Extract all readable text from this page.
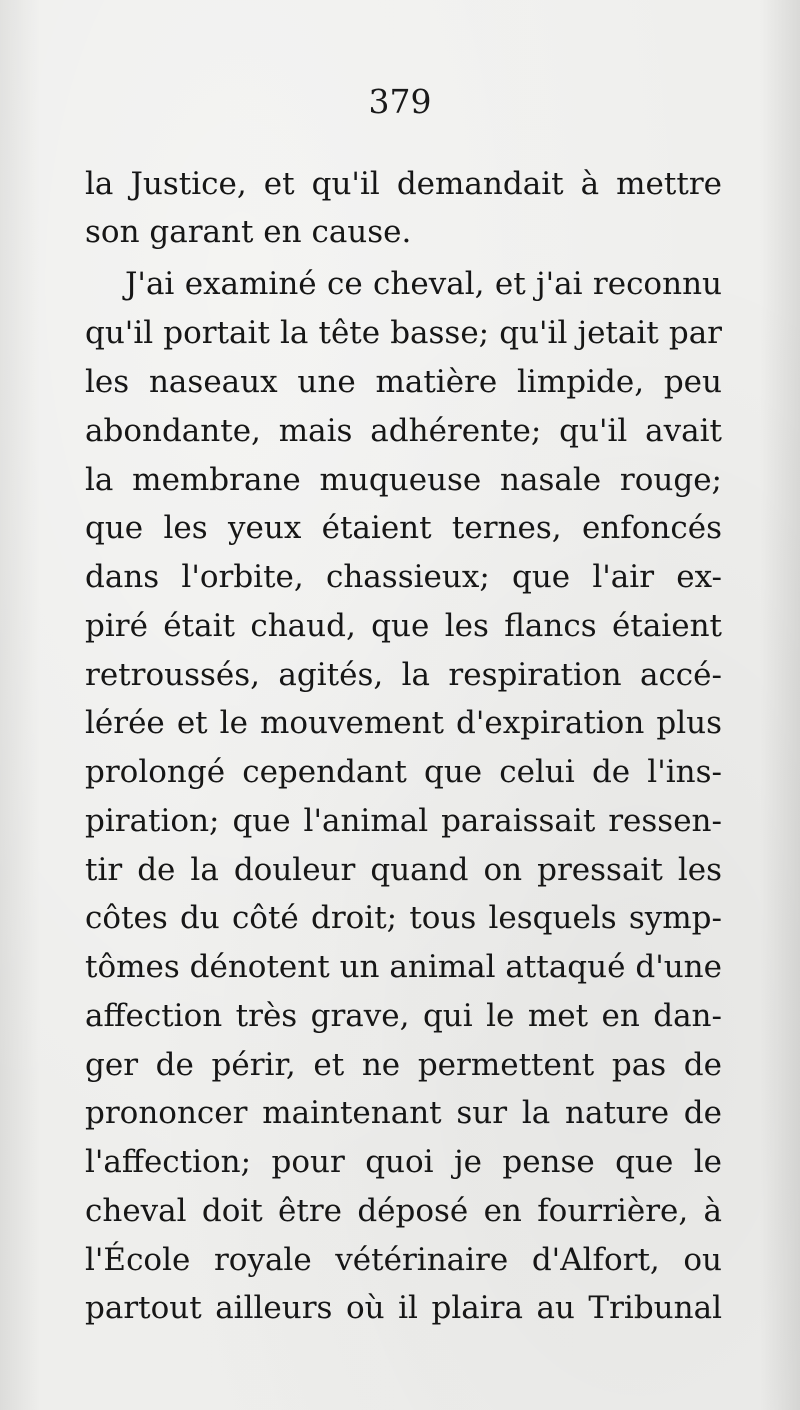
379
la Justice, et qu'il demandait à mettre
son garant en cause.
J'ai examiné ce cheval, et j'ai reconnu
qu'il portait la tête basse; qu'il jetait par
les naseaux une matière limpide, peu
abondante, mais adhérente; qu'il avait
la membrane muqueuse nasale rouge;
que les yeux étaient ternes, enfoncés
dans l'orbite, chassieux; que l'air ex-
piré était chaud, que les flancs étaient
retroussés, agités, la respiration accé-
lérée et le mouvement d'expiration plus
prolongé cependant que celui de l'ins-
piration; que l'animal paraissait ressen-
tir de la douleur quand on pressait les
côtes du côté droit; tous lesquels symp-
tômes dénotent un animal attaqué d'une
affection très grave, qui le met en dan-
ger de périr, et ne permettent pas de
prononcer maintenant sur la nature de
l'affection; pour quoi je pense que le
cheval doit être déposé en fourrière, à
l'École royale vétérinaire d'Alfort, ou
partout ailleurs où il plaira au Tribunal
